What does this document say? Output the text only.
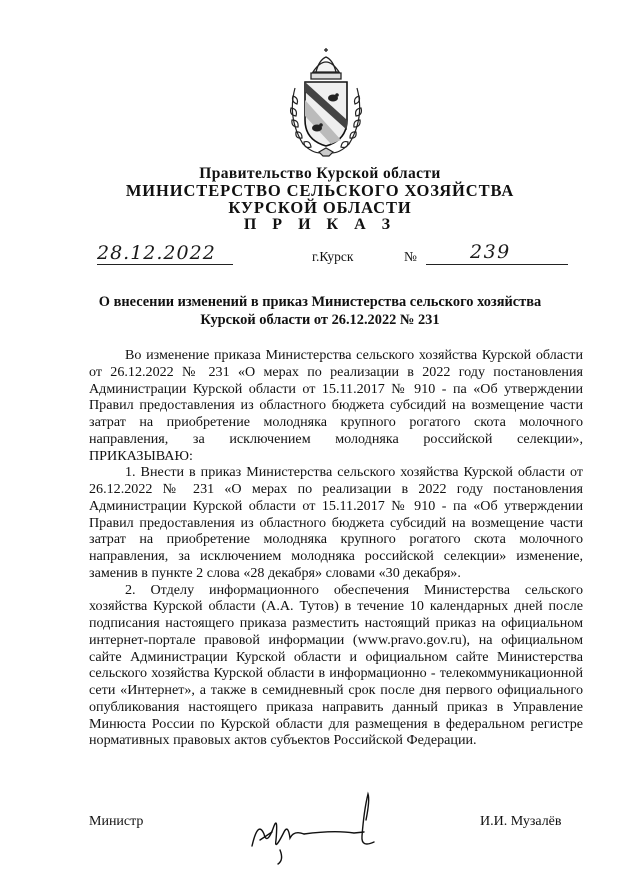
Правительство Курской области
МИНИСТЕРСТВО СЕЛЬСКОГО ХОЗЯЙСТВА
КУРСКОЙ ОБЛАСТИ
П Р И К А З
28.12.2022	г.Курск	№	239
О внесении изменений в приказ Министерства сельского хозяйства
Курской области от 26.12.2022 № 231

Во изменение приказа Министерства сельского хозяйства Курской области от 26.12.2022 № 231 «О мерах по реализации в 2022 году постановления Администрации Курской области от 15.11.2017 № 910 - па «Об утверждении Правил предоставления из областного бюджета субсидий на возмещение части затрат на приобретение молодняка крупного рогатого скота молочного направления, за исключением молодняка российской селекции», ПРИКАЗЫВАЮ:

1. Внести в приказ Министерства сельского хозяйства Курской области от 26.12.2022 № 231 «О мерах по реализации в 2022 году постановления Администрации Курской области от 15.11.2017 № 910 - па «Об утверждении Правил предоставления из областного бюджета субсидий на возмещение части затрат на приобретение молодняка крупного рогатого скота молочного направления, за исключением молодняка российской селекции» изменение, заменив в пункте 2 слова «28 декабря» словами «30 декабря».

2. Отделу информационного обеспечения Министерства сельского хозяйства Курской области (А.А. Тутов) в течение 10 календарных дней после подписания настоящего приказа разместить настоящий приказ на официальном интернет-портале правовой информации (www.pravo.gov.ru), на официальном сайте Администрации Курской области и официальном сайте Министерства сельского хозяйства Курской области в информационно - телекоммуникационной сети «Интернет», а также в семидневный срок после дня первого официального опубликования настоящего приказа направить данный приказ в Управление Минюста России по Курской области для размещения в федеральном регистре нормативных правовых актов субъектов Российской Федерации.

Министр	И.И. Музалёв
